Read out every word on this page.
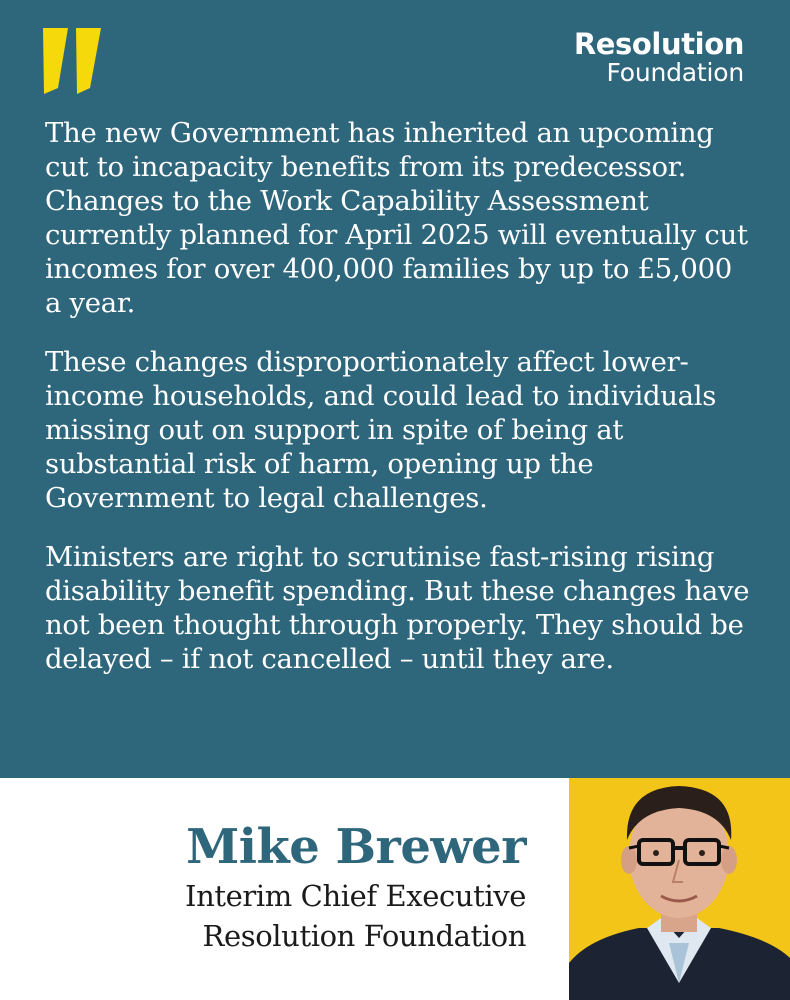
Resolution
Foundation

The new Government has inherited an upcoming cut to incapacity benefits from its predecessor. Changes to the Work Capability Assessment currently planned for April 2025 will eventually cut incomes for over 400,000 families by up to £5,000 a year.

These changes disproportionately affect lower-income households, and could lead to individuals missing out on support in spite of being at substantial risk of harm, opening up the Government to legal challenges.

Ministers are right to scrutinise fast-rising rising disability benefit spending. But these changes have not been thought through properly. They should be delayed – if not cancelled – until they are.

Mike Brewer
Interim Chief Executive
Resolution Foundation
